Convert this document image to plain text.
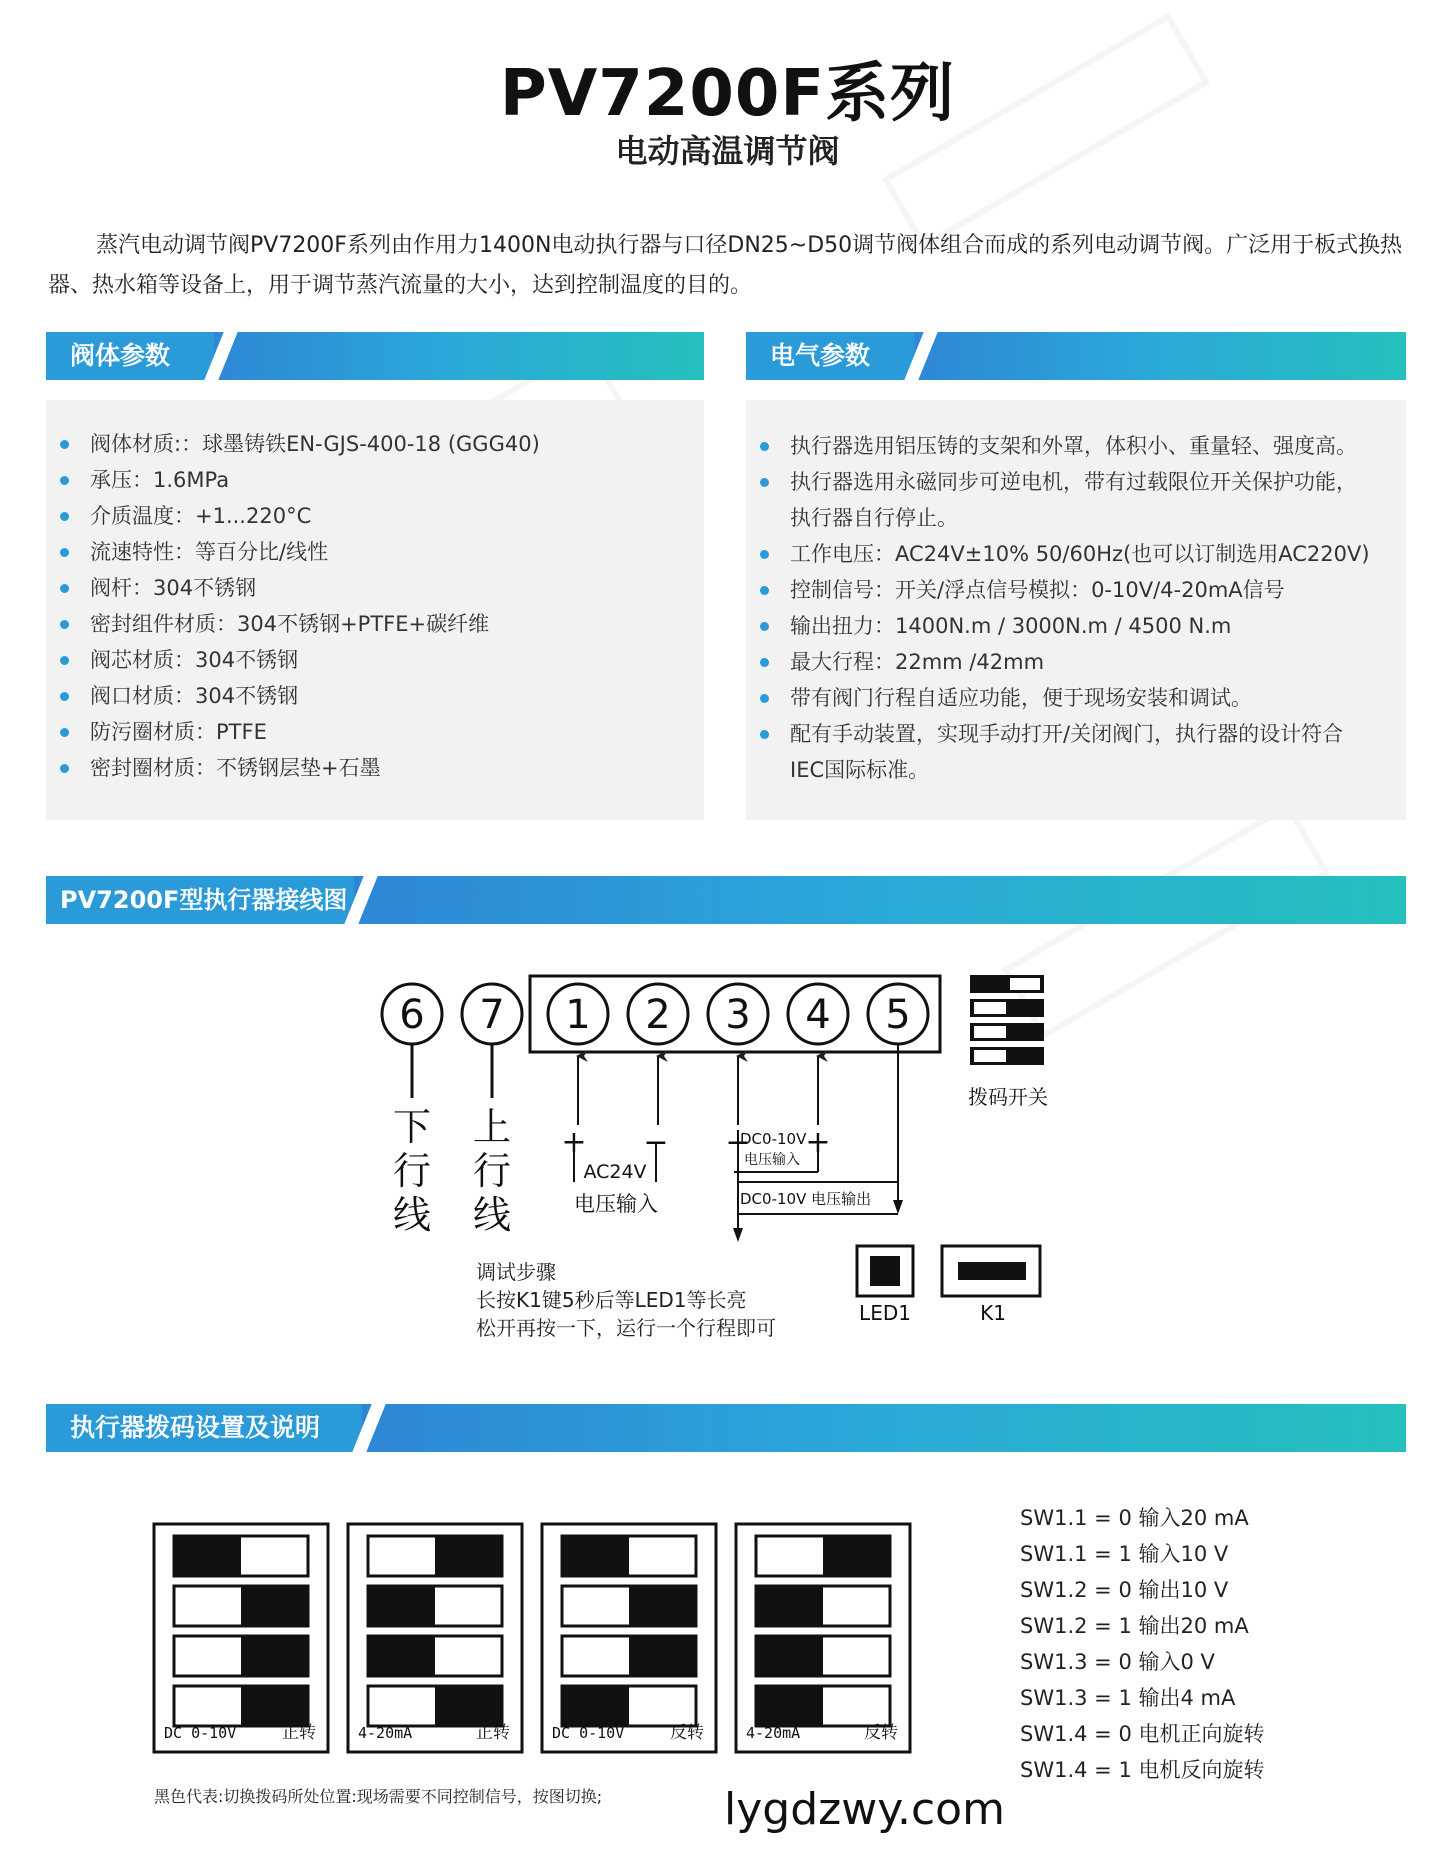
PV7200F系列
电动高温调节阀
蒸汽电动调节阀PV7200F系列由作用力1400N电动执行器与口径DN25~D50调节阀体组合而成的系列电动调节阀。广泛用于板式换热器、热水箱等设备上，用于调节蒸汽流量的大小，达到控制温度的目的。
阀体参数	电气参数
阀体材质:：球墨铸铁EN-GJS-400-18 (GGG40)
承压：1.6MPa
介质温度：+1...220°C
流速特性：等百分比/线性
阀杆：304不锈钢
密封组件材质：304不锈钢+PTFE+碳纤维
阀芯材质：304不锈钢
阀口材质：304不锈钢
防污圈材质：PTFE
密封圈材质：不锈钢层垫+石墨
执行器选用铝压铸的支架和外罩，体积小、重量轻、强度高。
执行器选用永磁同步可逆电机，带有过载限位开关保护功能，
执行器自行停止。
工作电压：AC24V±10% 50/60Hz(也可以订制选用AC220V)
控制信号：开关/浮点信号模拟：0-10V/4-20mA信号
输出扭力：1400N.m / 3000N.m / 4500 N.m
最大行程：22mm /42mm
带有阀门行程自适应功能，便于现场安装和调试。
配有手动装置，实现手动打开/关闭阀门，执行器的设计符合
IEC国际标准。
PV7200F型执行器接线图
6 7 1 2 3 4 5
+ − − +
AC24V
电压输入
DC0-10V
电压输入
DC0-10V 电压输出
下
行
线
上
行
线
拨码开关
LED1	K1
调试步骤
长按K1键5秒后等LED1等长亮
松开再按一下，运行一个行程即可
执行器拨码设置及说明
DC 0-10V	正转	4-20mA	正转	DC 0-10V	反转	4-20mA	反转
黑色代表:切换拨码所处位置:现场需要不同控制信号，按图切换;
SW1.1 = 0 输入20 mA
SW1.1 = 1 输入10 V
SW1.2 = 0 输出10 V
SW1.2 = 1 输出20 mA
SW1.3 = 0 输入0 V
SW1.3 = 1 输出4 mA
SW1.4 = 0 电机正向旋转
SW1.4 = 1 电机反向旋转
lygdzwy.com
